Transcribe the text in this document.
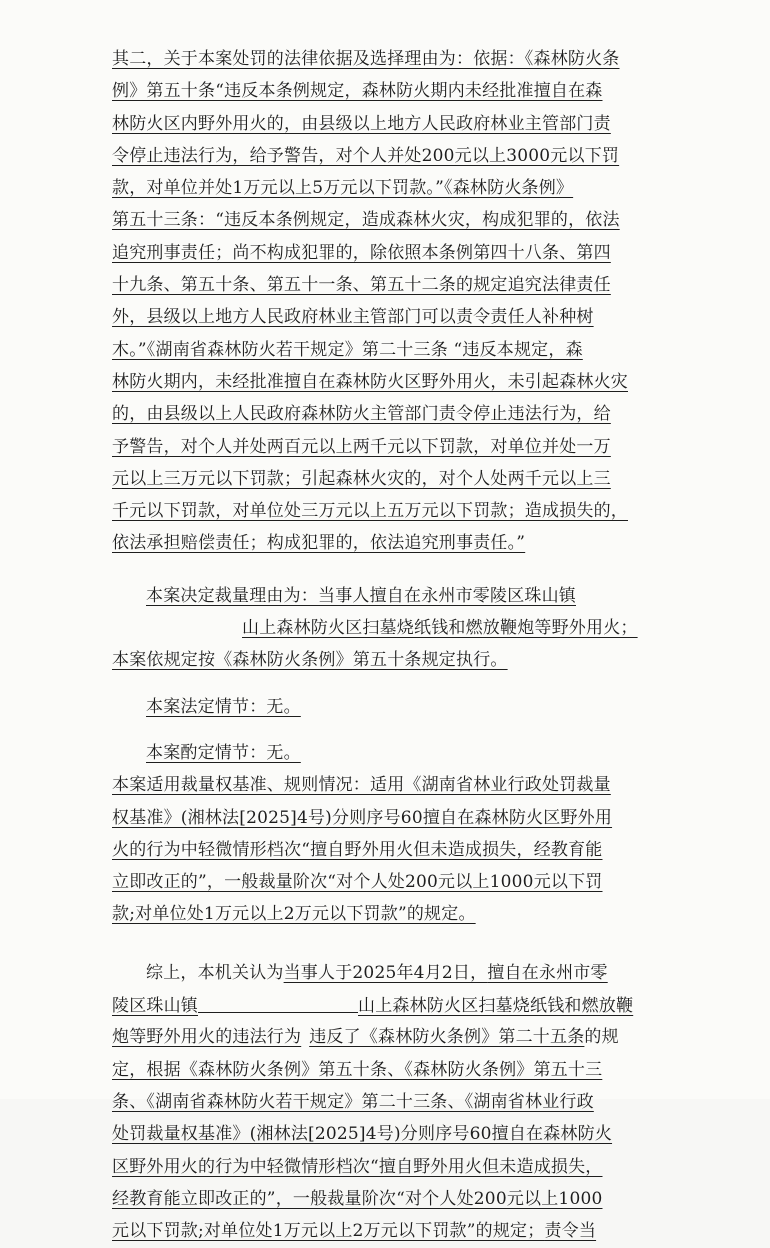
其二，关于本案处罚的法律依据及选择理由为：依据：《森林防火条
例》第五十条“违反本条例规定，森林防火期内未经批准擅自在森
林防火区内野外用火的，由县级以上地方人民政府林业主管部门责
令停止违法行为，给予警告，对个人并处200元以上3000元以下罚
款，对单位并处1万元以上5万元以下罚款。”《森林防火条例》
第五十三条：“违反本条例规定，造成森林火灾，构成犯罪的，依法
追究刑事责任；尚不构成犯罪的，除依照本条例第四十八条、第四
十九条、第五十条、第五十一条、第五十二条的规定追究法律责任
外，县级以上地方人民政府林业主管部门可以责令责任人补种树
木。”《湖南省森林防火若干规定》第二十三条 “违反本规定，森
林防火期内，未经批准擅自在森林防火区野外用火，未引起森林火灾
的，由县级以上人民政府森林防火主管部门责令停止违法行为，给
予警告，对个人并处两百元以上两千元以下罚款，对单位并处一万
元以上三万元以下罚款；引起森林火灾的，对个人处两千元以上三
千元以下罚款，对单位处三万元以上五万元以下罚款；造成损失的，
依法承担赔偿责任；构成犯罪的，依法追究刑事责任。”
本案决定裁量理由为：当事人擅自在永州市零陵区珠山镇
山上森林防火区扫墓烧纸钱和燃放鞭炮等野外用火；
本案依规定按《森林防火条例》第五十条规定执行。
本案法定情节：无。
本案酌定情节：无。
本案适用裁量权基准、规则情况：适用《湖南省林业行政处罚裁量
权基准》(湘林法[2025]4号)分则序号60擅自在森林防火区野外用
火的行为中轻微情形档次“擅自野外用火但未造成损失，经教育能
立即改正的”，一般裁量阶次“对个人处200元以上1000元以下罚
款;对单位处1万元以上2万元以下罚款”的规定。
综上，本机关认为当事人于2025年4月2日，擅自在永州市零
陵区珠山镇	山上森林防火区扫墓烧纸钱和燃放鞭
炮等野外用火的违法行为 违反了《森林防火条例》第二十五条的规
定，根据《森林防火条例》第五十条、《森林防火条例》第五十三
条、《湖南省森林防火若干规定》第二十三条、《湖南省林业行政
处罚裁量权基准》(湘林法[2025]4号)分则序号60擅自在森林防火
区野外用火的行为中轻微情形档次“擅自野外用火但未造成损失，
经教育能立即改正的”，一般裁量阶次“对个人处200元以上1000
元以下罚款;对单位处1万元以上2万元以下罚款”的规定；责令当
